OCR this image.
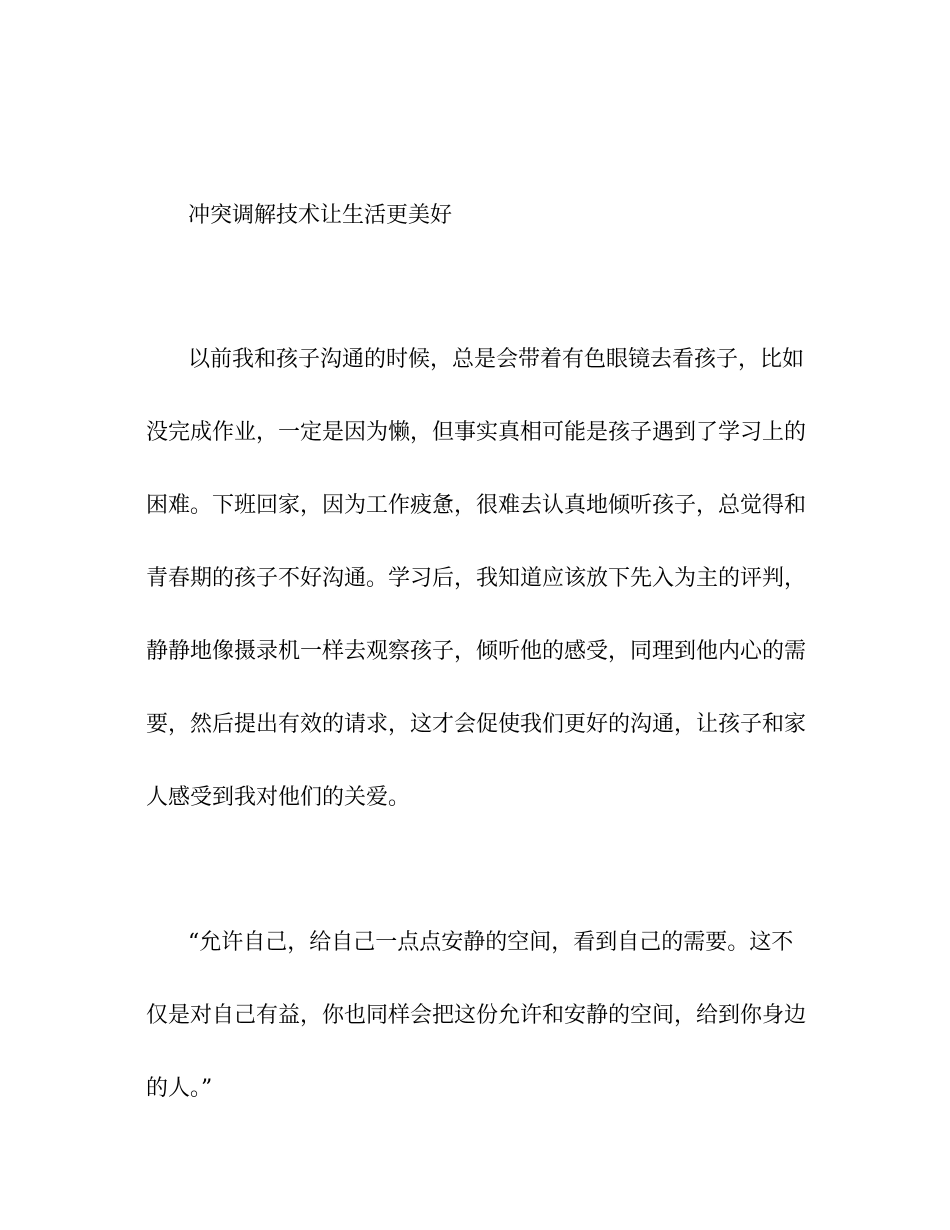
冲突调解技术让生活更美好
以前我和孩子沟通的时候，总是会带着有色眼镜去看孩子，比如
没完成作业，一定是因为懒，但事实真相可能是孩子遇到了学习上的
困难。下班回家，因为工作疲惫，很难去认真地倾听孩子，总觉得和
青春期的孩子不好沟通。学习后，我知道应该放下先入为主的评判，
静静地像摄录机一样去观察孩子，倾听他的感受，同理到他内心的需
要，然后提出有效的请求，这才会促使我们更好的沟通，让孩子和家
人感受到我对他们的关爱。
“允许自己，给自己一点点安静的空间，看到自己的需要。这不
仅是对自己有益，你也同样会把这份允许和安静的空间，给到你身边
的人。”
